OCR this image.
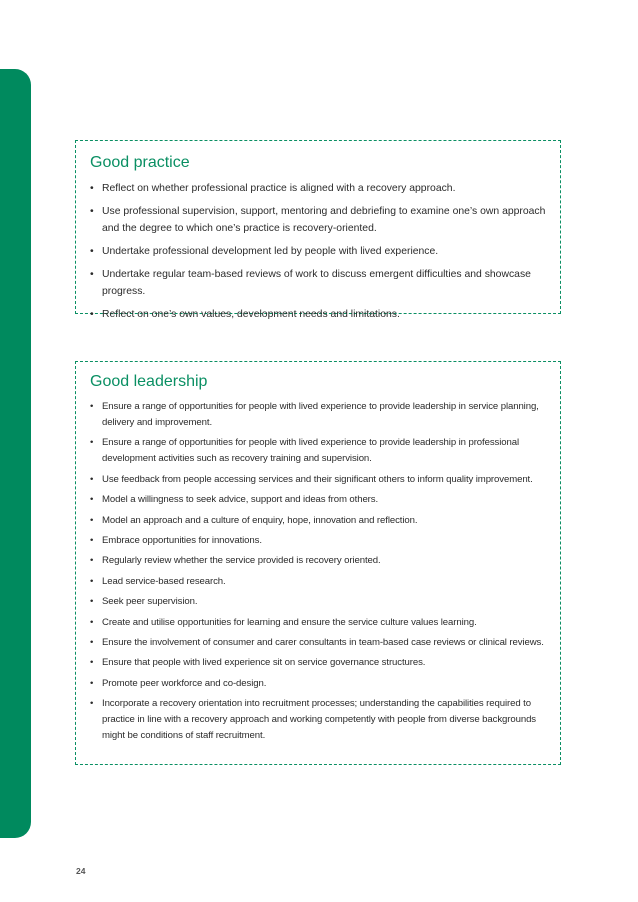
Good practice
• Reflect on whether professional practice is aligned with a recovery approach.
• Use professional supervision, support, mentoring and debriefing to examine one’s own approach and the degree to which one’s practice is recovery-oriented.
• Undertake professional development led by people with lived experience.
• Undertake regular team-based reviews of work to discuss emergent difficulties and showcase progress.
• Reflect on one’s own values, development needs and limitations.
Good leadership
• Ensure a range of opportunities for people with lived experience to provide leadership in service planning, delivery and improvement.
• Ensure a range of opportunities for people with lived experience to provide leadership in professional development activities such as recovery training and supervision.
• Use feedback from people accessing services and their significant others to inform quality improvement.
• Model a willingness to seek advice, support and ideas from others.
• Model an approach and a culture of enquiry, hope, innovation and reflection.
• Embrace opportunities for innovations.
• Regularly review whether the service provided is recovery oriented.
• Lead service-based research.
• Seek peer supervision.
• Create and utilise opportunities for learning and ensure the service culture values learning.
• Ensure the involvement of consumer and carer consultants in team-based case reviews or clinical reviews.
• Ensure that people with lived experience sit on service governance structures.
• Promote peer workforce and co-design.
• Incorporate a recovery orientation into recruitment processes; understanding the capabilities required to practice in line with a recovery approach and working competently with people from diverse backgrounds might be conditions of staff recruitment.
24
